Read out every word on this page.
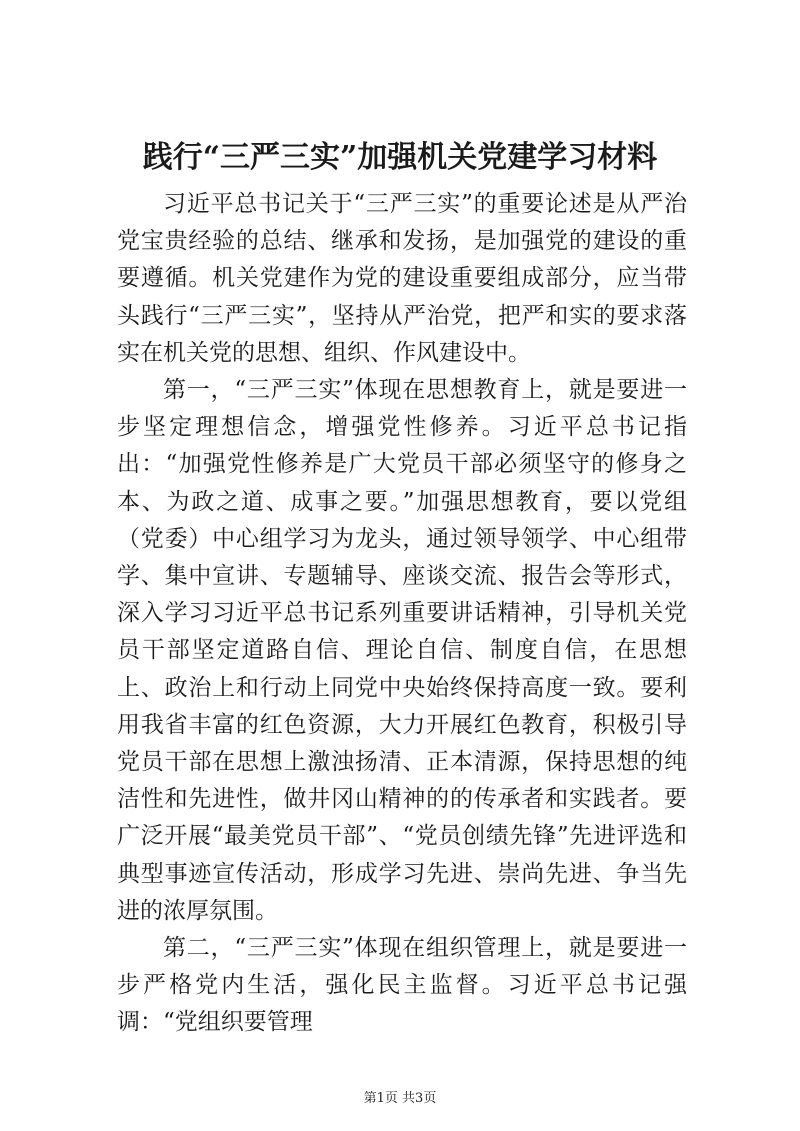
践行“三严三实”加强机关党建学习材料

习近平总书记关于“三严三实”的重要论述是从严治党宝贵经验的总结、继承和发扬，是加强党的建设的重要遵循。机关党建作为党的建设重要组成部分，应当带头践行“三严三实”，坚持从严治党，把严和实的要求落实在机关党的思想、组织、作风建设中。

第一，“三严三实”体现在思想教育上，就是要进一步坚定理想信念，增强党性修养。习近平总书记指出：“加强党性修养是广大党员干部必须坚守的修身之本、为政之道、成事之要。”加强思想教育，要以党组（党委）中心组学习为龙头，通过领导领学、中心组带学、集中宣讲、专题辅导、座谈交流、报告会等形式，深入学习习近平总书记系列重要讲话精神，引导机关党员干部坚定道路自信、理论自信、制度自信，在思想上、政治上和行动上同党中央始终保持高度一致。要利用我省丰富的红色资源，大力开展红色教育，积极引导党员干部在思想上激浊扬清、正本清源，保持思想的纯洁性和先进性，做井冈山精神的的传承者和实践者。要广泛开展“最美党员干部”、“党员创绩先锋”先进评选和典型事迹宣传活动，形成学习先进、崇尚先进、争当先进的浓厚氛围。

第二，“三严三实”体现在组织管理上，就是要进一步严格党内生活，强化民主监督。习近平总书记强调：“党组织要管理

第1页 共3页
